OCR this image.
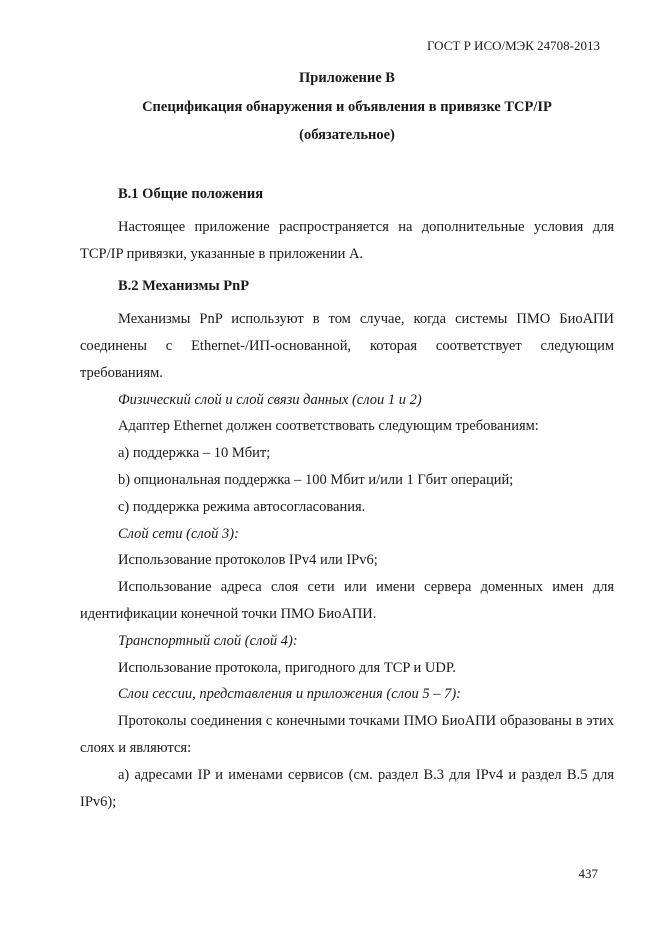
ГОСТ Р ИСО/МЭК 24708-2013

Приложение В

Спецификация обнаружения и объявления в привязке TCP/IP

(обязательное)

В.1 Общие положения

Настоящее приложение распространяется на дополнительные условия для TCP/IP привязки, указанные в приложении А.

В.2 Механизмы PnP

Механизмы PnP используют в том случае, когда системы ПМО БиоАПИ соединены с Ethernet-/ИП-основанной, которая соответствует следующим требованиям.

Физический слой и слой связи данных (слои 1 и 2)

Адаптер Ethernet должен соответствовать следующим требованиям:

а) поддержка – 10 Мбит;

b) опциональная поддержка – 100 Мбит и/или 1 Гбит операций;

c) поддержка режима автосогласования.

Слой сети (слой 3):

Использование протоколов IPv4 или IPv6;

Использование адреса слоя сети или имени сервера доменных имен для идентификации конечной точки ПМО БиоАПИ.

Транспортный слой (слой 4):

Использование протокола, пригодного для TCP и UDP.

Слои сессии, представления и приложения (слои 5 – 7):

Протоколы соединения с конечными точками ПМО БиоАПИ образованы в этих слоях и являются:

а) адресами IP и именами сервисов (см. раздел В.3 для IPv4 и раздел В.5 для IPv6);

437
